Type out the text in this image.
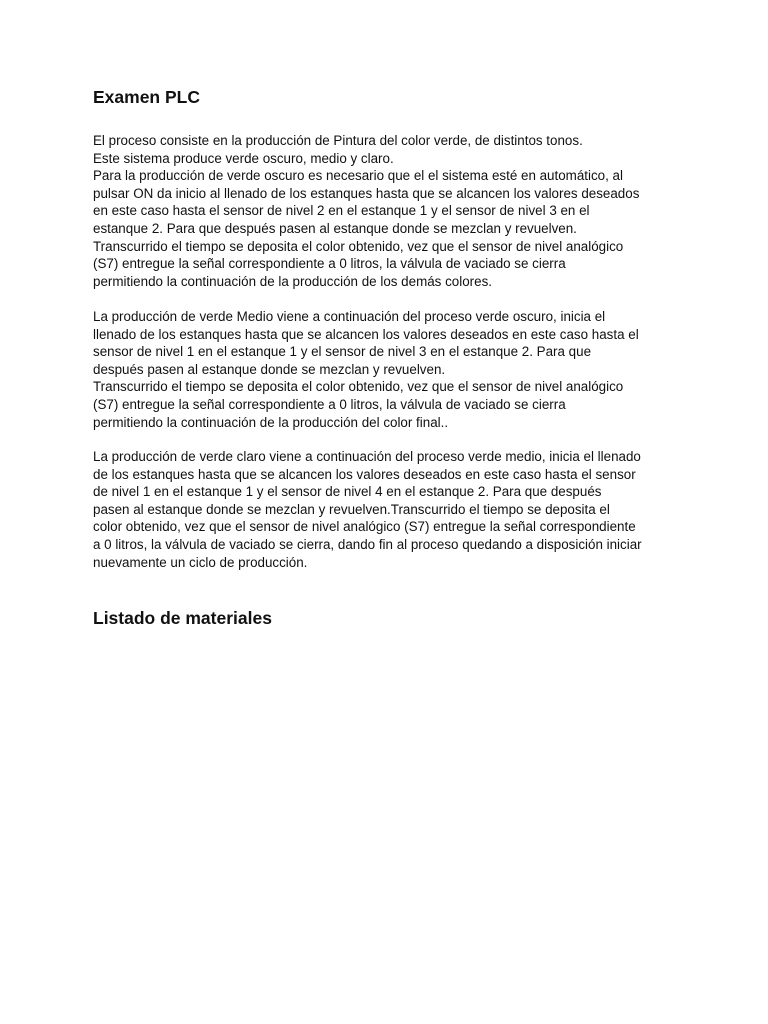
Examen PLC

El proceso consiste en la producción de Pintura del color verde, de distintos tonos.
Este sistema produce verde oscuro, medio y claro.
Para la producción de verde oscuro es necesario que el el sistema esté en automático, al
pulsar ON da inicio al llenado de los estanques hasta que se alcancen los valores deseados
en este caso hasta el sensor de nivel 2 en el estanque 1 y el sensor de nivel 3 en el
estanque 2. Para que después pasen al estanque donde se mezclan y revuelven.
Transcurrido el tiempo se deposita el color obtenido, vez que el sensor de nivel analógico
(S7) entregue la señal correspondiente a 0 litros, la válvula de vaciado se cierra
permitiendo la continuación de la producción de los demás colores.

La producción de verde Medio viene a continuación del proceso verde oscuro, inicia el
llenado de los estanques hasta que se alcancen los valores deseados en este caso hasta el
sensor de nivel 1 en el estanque 1 y el sensor de nivel 3 en el estanque 2. Para que
después pasen al estanque donde se mezclan y revuelven.
Transcurrido el tiempo se deposita el color obtenido, vez que el sensor de nivel analógico
(S7) entregue la señal correspondiente a 0 litros, la válvula de vaciado se cierra
permitiendo la continuación de la producción del color final..

La producción de verde claro viene a continuación del proceso verde medio, inicia el llenado
de los estanques hasta que se alcancen los valores deseados en este caso hasta el sensor
de nivel 1 en el estanque 1 y el sensor de nivel 4 en el estanque 2. Para que después
pasen al estanque donde se mezclan y revuelven.Transcurrido el tiempo se deposita el
color obtenido, vez que el sensor de nivel analógico (S7) entregue la señal correspondiente
a 0 litros, la válvula de vaciado se cierra, dando fin al proceso quedando a disposición iniciar
nuevamente un ciclo de producción.

Listado de materiales
